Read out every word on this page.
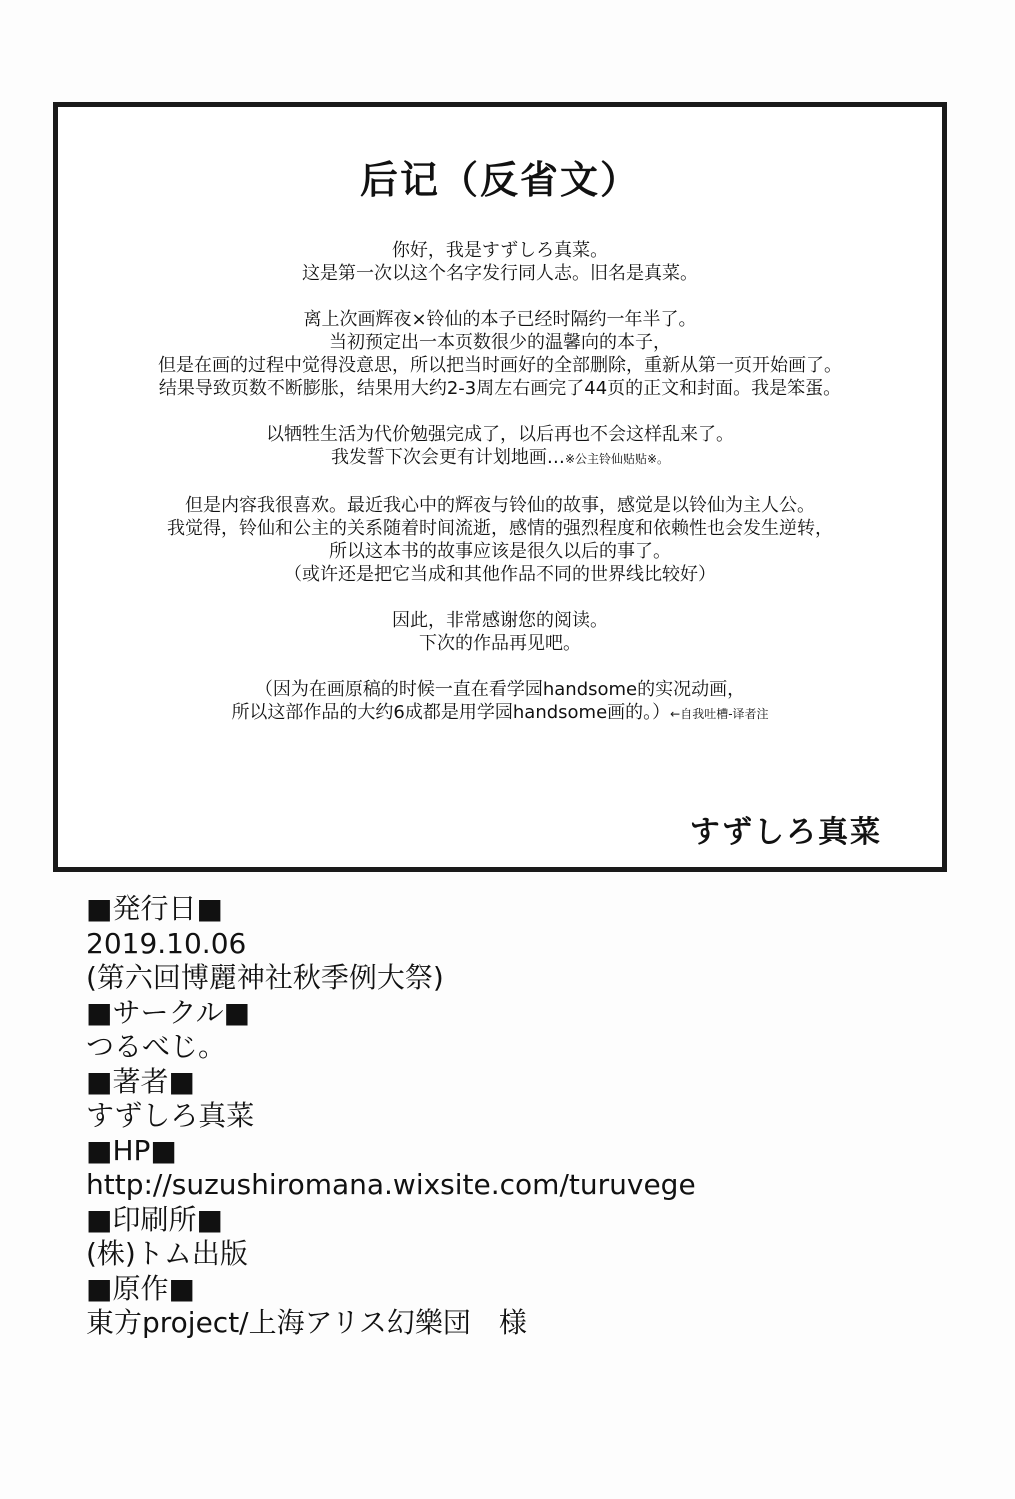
后记（反省文）
你好，我是すずしろ真菜。
这是第一次以这个名字发行同人志。旧名是真菜。
离上次画辉夜×铃仙的本子已经时隔约一年半了。
当初预定出一本页数很少的温馨向的本子，
但是在画的过程中觉得没意思，所以把当时画好的全部删除，重新从第一页开始画了。
结果导致页数不断膨胀，结果用大约2-3周左右画完了44页的正文和封面。我是笨蛋。
以牺牲生活为代价勉强完成了，以后再也不会这样乱来了。
我发誓下次会更有计划地画…※公主铃仙贴贴※。
但是内容我很喜欢。最近我心中的辉夜与铃仙的故事，感觉是以铃仙为主人公。
我觉得，铃仙和公主的关系随着时间流逝，感情的强烈程度和依赖性也会发生逆转，
所以这本书的故事应该是很久以后的事了。
（或许还是把它当成和其他作品不同的世界线比较好）
因此，非常感谢您的阅读。
下次的作品再见吧。
（因为在画原稿的时候一直在看学园handsome的实况动画，
所以这部作品的大约6成都是用学园handsome画的。）←自我吐槽-译者注
すずしろ真菜
■発行日■
2019.10.06
(第六回博麗神社秋季例大祭)
■サークル■
つるべじ。
■著者■
すずしろ真菜
■HP■
http://suzushiromana.wixsite.com/turuvege
■印刷所■
(株)トム出版
■原作■
東方project/上海アリス幻樂団　様
